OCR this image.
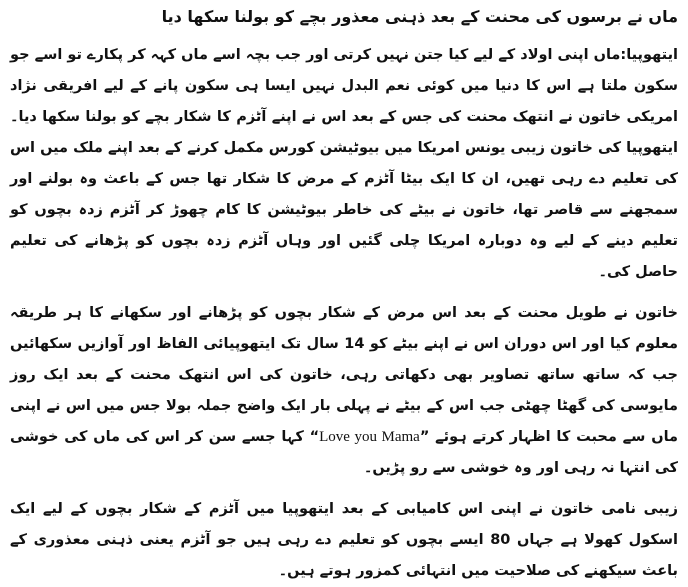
ماں نے برسوں کی محنت کے بعد ذہنی معذور بچے کو بولنا سکھا دیا

ایتھوپیا:ماں اپنی اولاد کے لیے کیا جتن نہیں کرتی اور جب بچہ اسے ماں کہہ کر پکارے تو اسے جو سکون ملتا ہے اس کا دنیا میں کوئی نعم البدل نہیں ایسا ہی سکون پانے کے لیے افریقی نژاد امریکی خاتون نے انتھک محنت کی جس کے بعد اس نے اپنے آٹزم کا شکار بچے کو بولنا سکھا دیا۔ ایتھوپیا کی خاتون زیبی یونس امریکا میں بیوٹیشن کورس مکمل کرنے کے بعد اپنے ملک میں اس کی تعلیم دے رہی تھیں، ان کا ایک بیٹا آٹزم کے مرض کا شکار تھا جس کے باعث وہ بولنے اور سمجھنے سے قاصر تھا، خاتون نے بیٹے کی خاطر بیوٹیشن کا کام چھوڑ کر آٹزم زدہ بچوں کو تعلیم دینے کے لیے وہ دوبارہ امریکا چلی گئیں اور وہاں آٹزم زدہ بچوں کو پڑھانے کی تعلیم حاصل کی۔

خاتون نے طویل محنت کے بعد اس مرض کے شکار بچوں کو پڑھانے اور سکھانے کا ہر طریقہ معلوم کیا اور اس دوران اس نے اپنے بیٹے کو 14 سال تک ایتھوپیائی الفاظ اور آوازیں سکھائیں جب کہ ساتھ ساتھ تصاویر بھی دکھاتی رہی، خاتون کی اس انتھک محنت کے بعد ایک روز مایوسی کی گھٹا چھٹی جب اس کے بیٹے نے پہلی بار ایک واضح جملہ بولا جس میں اس نے اپنی ماں سے محبت کا اظہار کرتے ہوئے ”Love you Mama“ کہا جسے سن کر اس کی ماں کی خوشی کی انتہا نہ رہی اور وہ خوشی سے رو پڑیں۔

زیبی نامی خاتون نے اپنی اس کامیابی کے بعد ایتھوپیا میں آٹزم کے شکار بچوں کے لیے ایک اسکول کھولا ہے جہاں 80 ایسے بچوں کو تعلیم دے رہی ہیں جو آٹزم یعنی ذہنی معذوری کے باعث سیکھنے کی صلاحیت میں انتہائی کمزور ہوتے ہیں۔
